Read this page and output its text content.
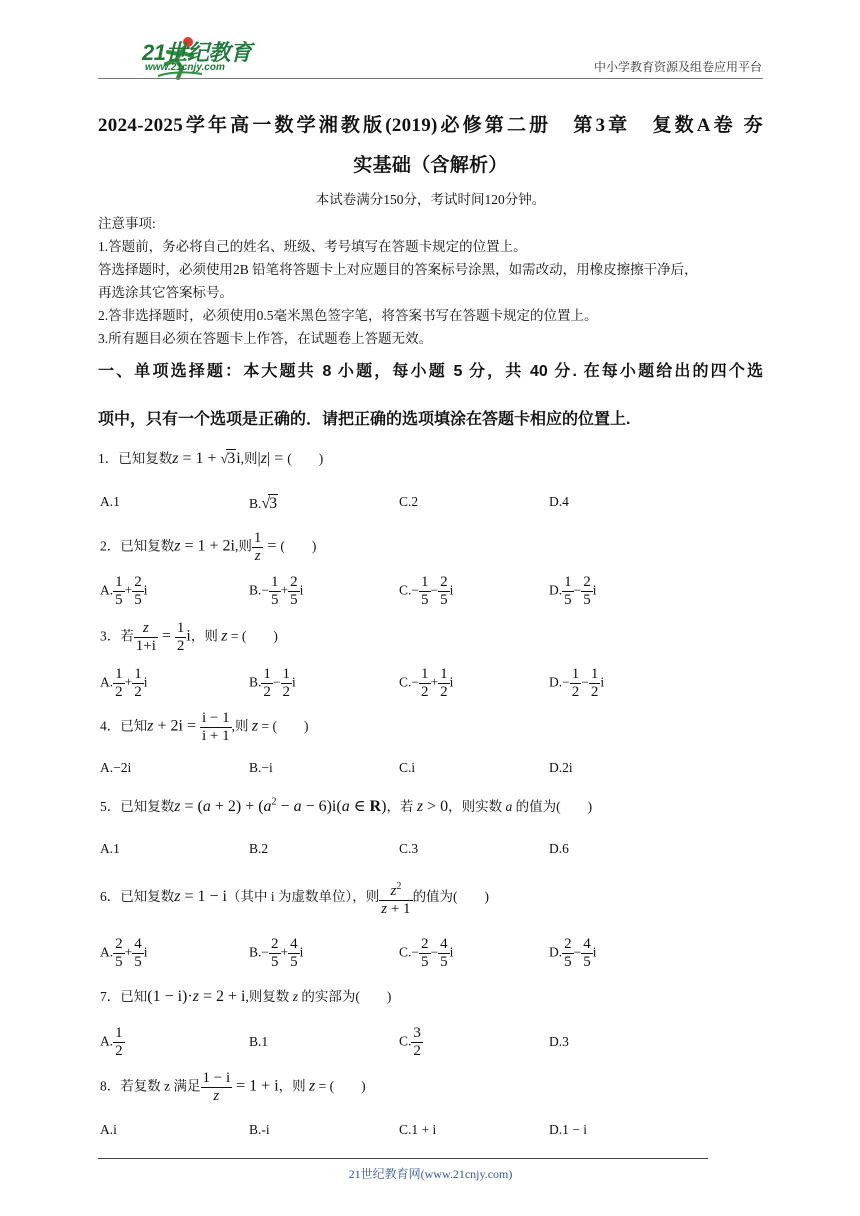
21世纪教育
www.21cnjy.com	中小学教育资源及组卷应用平台
2024-2025学年高一数学湘教版(2019)必修第二册　第3章　复数A卷 夯
实基础（含解析）
本试卷满分150分，考试时间120分钟。
注意事项:
1.答题前，务必将自己的姓名、班级、考号填写在答题卡规定的位置上。
答选择题时，必须使用2B 铅笔将答题卡上对应题目的答案标号涂黑，如需改动，用橡皮擦擦干净后，
再选涂其它答案标号。
2.答非选择题时，必须使用0.5毫米黑色签字笔，将答案书写在答题卡规定的位置上。
3.所有题目必须在答题卡上作答，在试题卷上答题无效。
一、单项选择题：本大题共 8 小题，每小题 5 分，共 40 分. 在每小题给出的四个选
项中，只有一个选项是正确的．请把正确的选项填涂在答题卡相应的位置上.
1．已知复数z = 1 + √3i,则|z| = (　　)
A.1	B.√3	C.2	D.4
2．已知复数z = 1 + 2i,则 $\frac{1}{z}$ = (　　)
A. $\frac{1}{5} + \frac{2}{5}$ i	$B.- \frac{1}{5} + \frac{2}{5}$ i	$C.- \frac{1}{5} - \frac{2}{5}$ i	D. $\frac{1}{5} - \frac{2}{5}$ i
3．若 $\frac{z}{1+i} = \frac{1}{2}$ i，则 z = (　　)
A. $\frac{1}{2} + \frac{1}{2}$ i	B. $\frac{1}{2} - \frac{1}{2}$ i	$C.- \frac{1}{2} + \frac{1}{2}$ i	$D.- \frac{1}{2} - \frac{1}{2}$ i
4．已知$z + 2i = \frac{i - 1}{i + 1}$ ,则 z = (　　)
A.−2i	B.−i	C.i	D.2i
5．已知复数$z = (a + 2) + (a^2 - a - 6)i(a$ ∈ R)，若 z > 0，则实数 a 的值为(　　)
A.1	B.2	C.3	D.6
6．已知复数z = 1 − i（其中 i 为虚数单位），则 $\frac{z^2}{z + 1}$ 的值为(　　)
A. $\frac{2}{5} + \frac{4}{5}$ i	$B.- \frac{2}{5} + \frac{4}{5}$ i	$C.- \frac{2}{5} - \frac{4}{5}$ i	D. $\frac{2}{5} - \frac{4}{5}$ i
7．已知(1 − i)·z = 2 + i,则复数 z 的实部为(　　)
A. $\frac{1}{2}$	B.1	C. $\frac{3}{2}$	D.3
8．若复数 z 满足 $\frac{1 - i}{z} = 1 + i$，则 z = (　　)
A.i	B.-i	C.1 + i	D.1 − i
21世纪教育网(www.21cnjy.com)
